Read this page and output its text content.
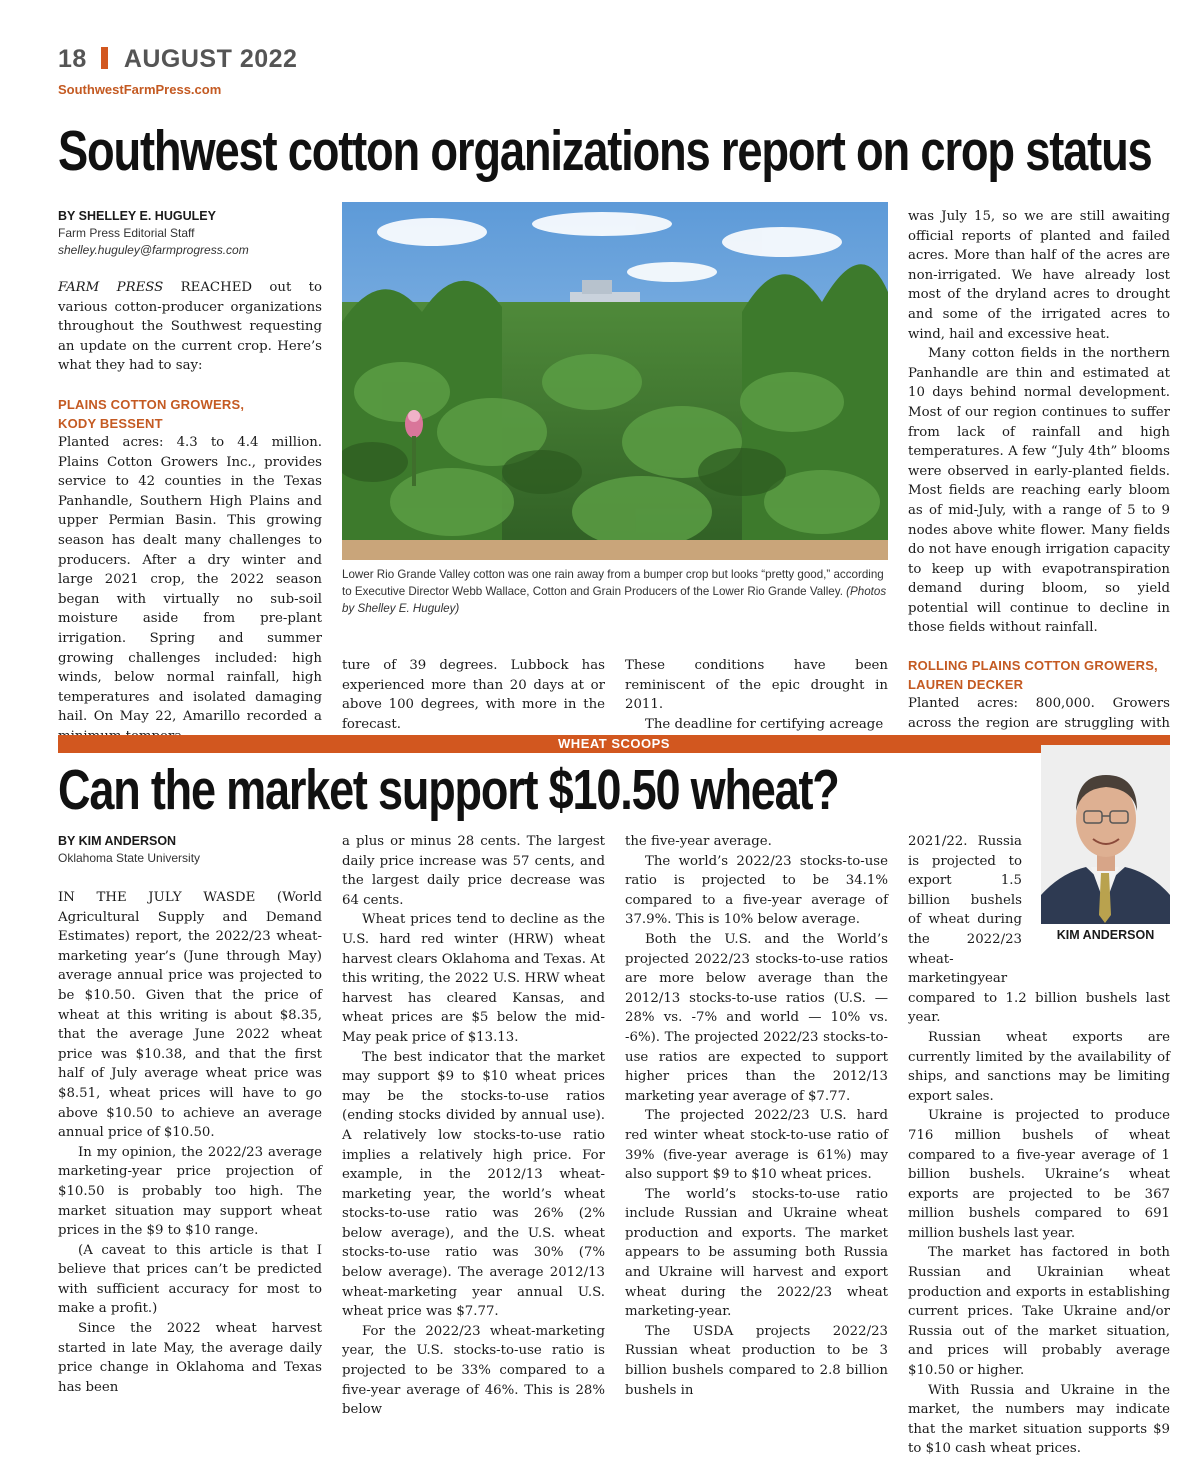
18 AUGUST 2022
SouthwestFarmPress.com
Southwest cotton organizations report on crop status
BY SHELLEY E. HUGULEY
Farm Press Editorial Staff
shelley.huguley@farmprogress.com

FARM PRESS REACHED out to various cotton-producer organizations throughout the Southwest requesting an update on the current crop. Here’s what they had to say:

PLAINS COTTON GROWERS,
KODY BESSENT

Planted acres: 4.3 to 4.4 million. Plains Cotton Growers Inc., provides service to 42 counties in the Texas Panhandle, Southern High Plains and upper Permian Basin. This growing season has dealt many challenges to producers. After a dry winter and large 2021 crop, the 2022 season began with virtually no sub-soil moisture aside from pre-plant irrigation. Spring and summer growing challenges included: high winds, below normal rainfall, high temperatures and isolated damaging hail. On May 22, Amarillo recorded a

Lower Rio Grande Valley cotton was one rain away from a bumper crop but looks “pretty good,” according to Executive Director Webb Wallace, Cotton and Grain Producers of the Lower Rio Grande Valley. (Photos by Shelley E. Huguley)

ture of 39 degrees. Lubbock has experienced more than 20 days at or above 100 degrees, with more in the forecast.

These conditions have been reminiscent of the epic drought in 2011.

The deadline for certifying acreage

was July 15, so we are still awaiting official reports of planted and failed acres. More than half of the acres are non-irrigated. We have already lost most of the dryland acres to drought and some of the irrigated acres to wind, hail and excessive heat.

Many cotton fields in the northern Panhandle are thin and estimated at 10 days behind normal development. Most of our region continues to suffer from lack of rainfall and high temperatures. A few “July 4th” blooms were observed in early-planted fields. Most fields are reaching early bloom as of mid-July, with a range of 5 to 9 nodes above white flower. Many fields do not have enough irrigation capacity to keep up with evapotranspiration demand during bloom, so yield potential will continue to decline in those fields without rainfall.

ROLLING PLAINS COTTON GROWERS,
LAUREN DECKER

Planted acres: 800,000. Growers across the region are struggling with

WHEAT SCOOPS
Can the market support $10.50 wheat?
KIM ANDERSON
BY KIM ANDERSON
Oklahoma State University

IN THE JULY WASDE (World Agricultural Supply and Demand Estimates) report, the 2022/23 wheat-marketing year’s (June through May) average annual price was projected to be $10.50. Given that the price of wheat at this writing is about $8.35, that the average June 2022 wheat price was $10.38, and that the first half of July average wheat price was $8.51, wheat prices will have to go above $10.50 to achieve an average annual price of $10.50.

In my opinion, the 2022/23 average marketing-year price projection of $10.50 is probably too high. The market situation may support wheat prices in the $9 to $10 range.

(A caveat to this article is that I believe that prices can’t be predicted with sufficient accuracy for most to make a profit.)

Since the 2022 wheat harvest started in late May, the average daily price change in Oklahoma and Texas has been

a plus or minus 28 cents. The largest daily price increase was 57 cents, and the largest daily price decrease was 64 cents.

Wheat prices tend to decline as the U.S. hard red winter (HRW) wheat harvest clears Oklahoma and Texas. At this writing, the 2022 U.S. HRW wheat harvest has cleared Kansas, and wheat prices are $5 below the mid-May peak price of $13.13.

The best indicator that the market may support $9 to $10 wheat prices may be the stocks-to-use ratios (ending stocks divided by annual use). A relatively low stocks-to-use ratio implies a relatively high price. For example, in the 2012/13 wheat-marketing year, the world’s wheat stocks-to-use ratio was 26% (2% below average), and the U.S. wheat stocks-to-use ratio was 30% (7% below average). The average 2012/13 wheat-marketing year annual U.S. wheat price was $7.77.

For the 2022/23 wheat-marketing year, the U.S. stocks-to-use ratio is projected to be 33% compared to a five-year average of 46%. This is 28% below

the five-year average.

The world’s 2022/23 stocks-to-use ratio is projected to be 34.1% compared to a five-year average of 37.9%. This is 10% below average.

Both the U.S. and the World’s projected 2022/23 stocks-to-use ratios are more below average than the 2012/13 stocks-to-use ratios (U.S. — 28% vs. -7% and world — 10% vs. -6%). The projected 2022/23 stocks-to-use ratios are expected to support higher prices than the 2012/13 marketing year average of $7.77.

The projected 2022/23 U.S. hard red winter wheat stock-to-use ratio of 39% (five-year average is 61%) may also support $9 to $10 wheat prices.

The world’s stocks-to-use ratio include Russian and Ukraine wheat production and exports. The market appears to be assuming both Russia and Ukraine will harvest and export wheat during the 2022/23 wheat marketing-year.

The USDA projects 2022/23 Russian wheat production to be 3 billion bushels compared to 2.8 billion bushels in

2021/22. Russia is projected to export 1.5 billion bushels of wheat during the 2022/23 wheat-marketingyear

compared to 1.2 billion bushels last year.

Russian wheat exports are currently limited by the availability of ships, and sanctions may be limiting export sales.

Ukraine is projected to produce 716 million bushels of wheat compared to a five-year average of 1 billion bushels. Ukraine’s wheat exports are projected to be 367 million bushels compared to 691 million bushels last year.

The market has factored in both Russian and Ukrainian wheat production and exports in establishing current prices. Take Ukraine and/or Russia out of the market situation, and prices will probably average $10.50 or higher.

With Russia and Ukraine in the market, the numbers may indicate that the market situation supports $9 to $10 cash wheat prices.
